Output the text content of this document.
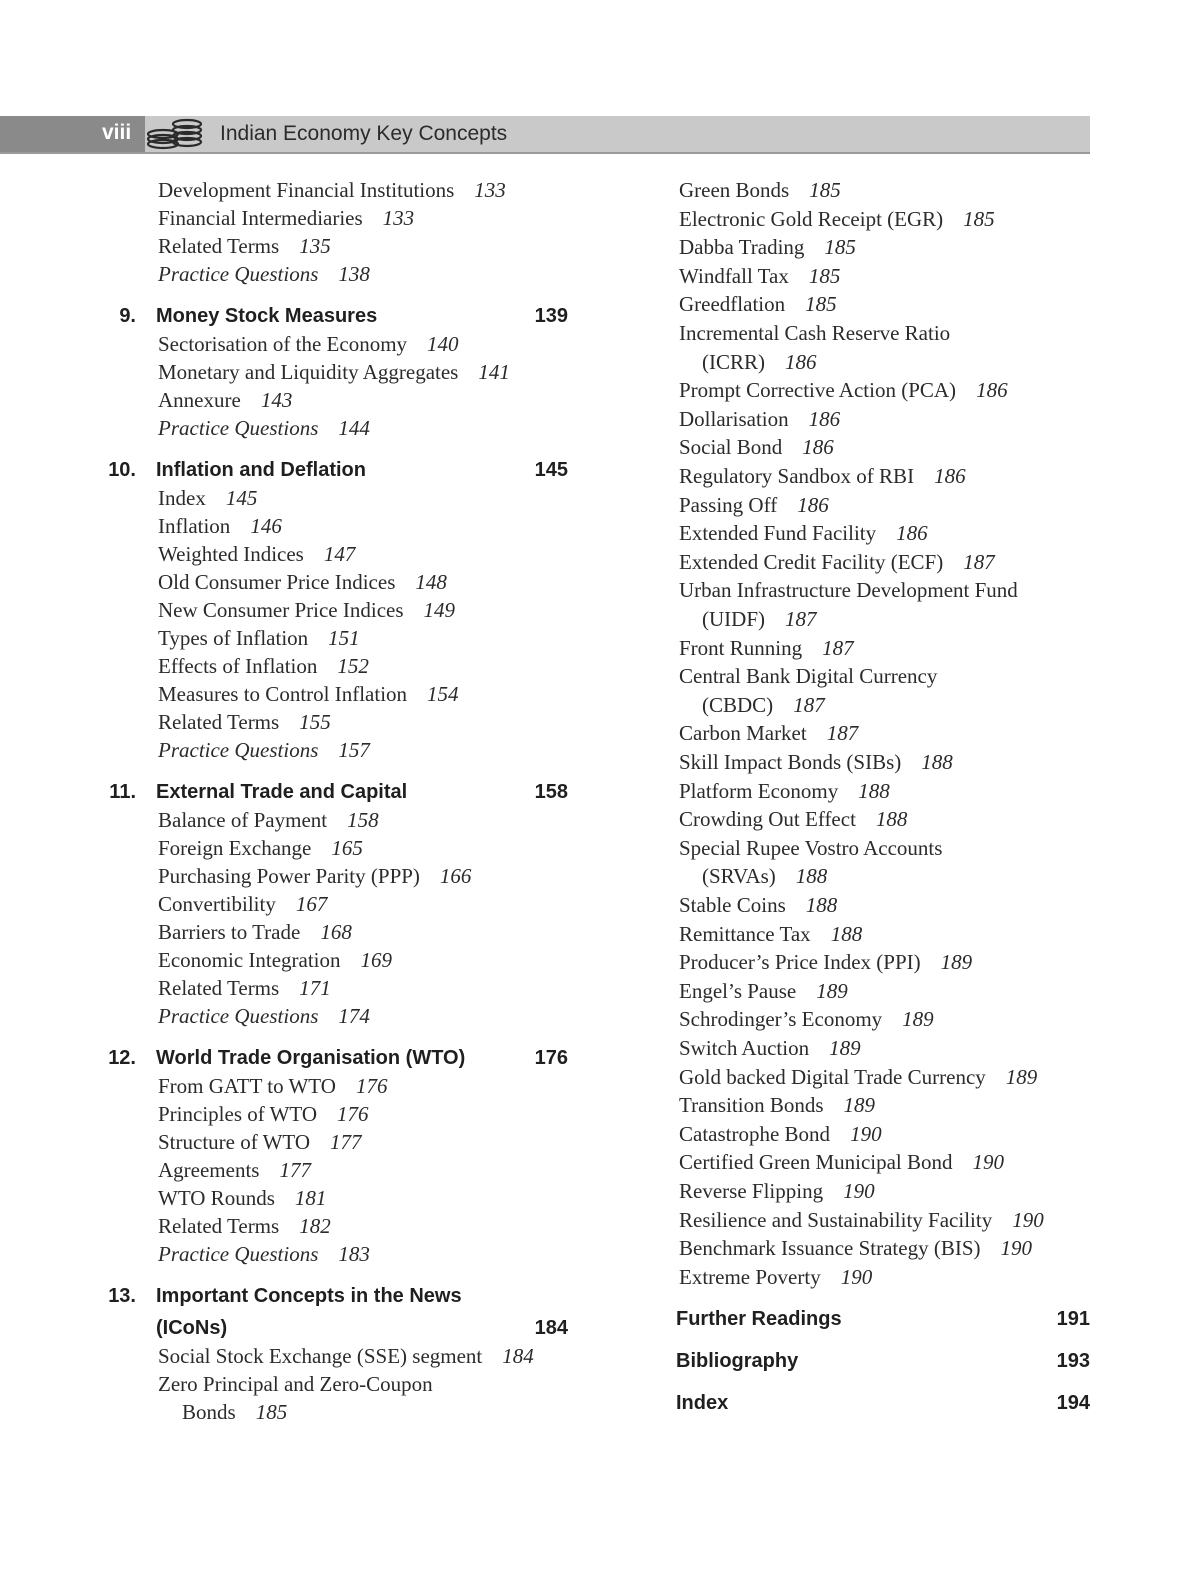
viii	Indian Economy Key Concepts
Development Financial Institutions 133
Financial Intermediaries 133
Related Terms 135
Practice Questions 138
9. Money Stock Measures	139
Sectorisation of the Economy 140
Monetary and Liquidity Aggregates 141
Annexure 143
Practice Questions 144
10. Inflation and Deflation	145
Index 145
Inflation 146
Weighted Indices 147
Old Consumer Price Indices 148
New Consumer Price Indices 149
Types of Inflation 151
Effects of Inflation 152
Measures to Control Inflation 154
Related Terms 155
Practice Questions 157
11. External Trade and Capital	158
Balance of Payment 158
Foreign Exchange 165
Purchasing Power Parity (PPP) 166
Convertibility 167
Barriers to Trade 168
Economic Integration 169
Related Terms 171
Practice Questions 174
12. World Trade Organisation (WTO)	176
From GATT to WTO 176
Principles of WTO 176
Structure of WTO 177
Agreements 177
WTO Rounds 181
Related Terms 182
Practice Questions 183
13. Important Concepts in the News
(ICoNs)	184
Social Stock Exchange (SSE) segment 184
Zero Principal and Zero-Coupon
Bonds 185
Green Bonds 185
Electronic Gold Receipt (EGR) 185
Dabba Trading 185
Windfall Tax 185
Greedflation 185
Incremental Cash Reserve Ratio
(ICRR) 186
Prompt Corrective Action (PCA) 186
Dollarisation 186
Social Bond 186
Regulatory Sandbox of RBI 186
Passing Off 186
Extended Fund Facility 186
Extended Credit Facility (ECF) 187
Urban Infrastructure Development Fund
(UIDF) 187
Front Running 187
Central Bank Digital Currency
(CBDC) 187
Carbon Market 187
Skill Impact Bonds (SIBs) 188
Platform Economy 188
Crowding Out Effect 188
Special Rupee Vostro Accounts
(SRVAs) 188
Stable Coins 188
Remittance Tax 188
Producer’s Price Index (PPI) 189
Engel’s Pause 189
Schrodinger’s Economy 189
Switch Auction 189
Gold backed Digital Trade Currency 189
Transition Bonds 189
Catastrophe Bond 190
Certified Green Municipal Bond 190
Reverse Flipping 190
Resilience and Sustainability Facility 190
Benchmark Issuance Strategy (BIS) 190
Extreme Poverty 190
Further Readings	191
Bibliography	193
Index	194
